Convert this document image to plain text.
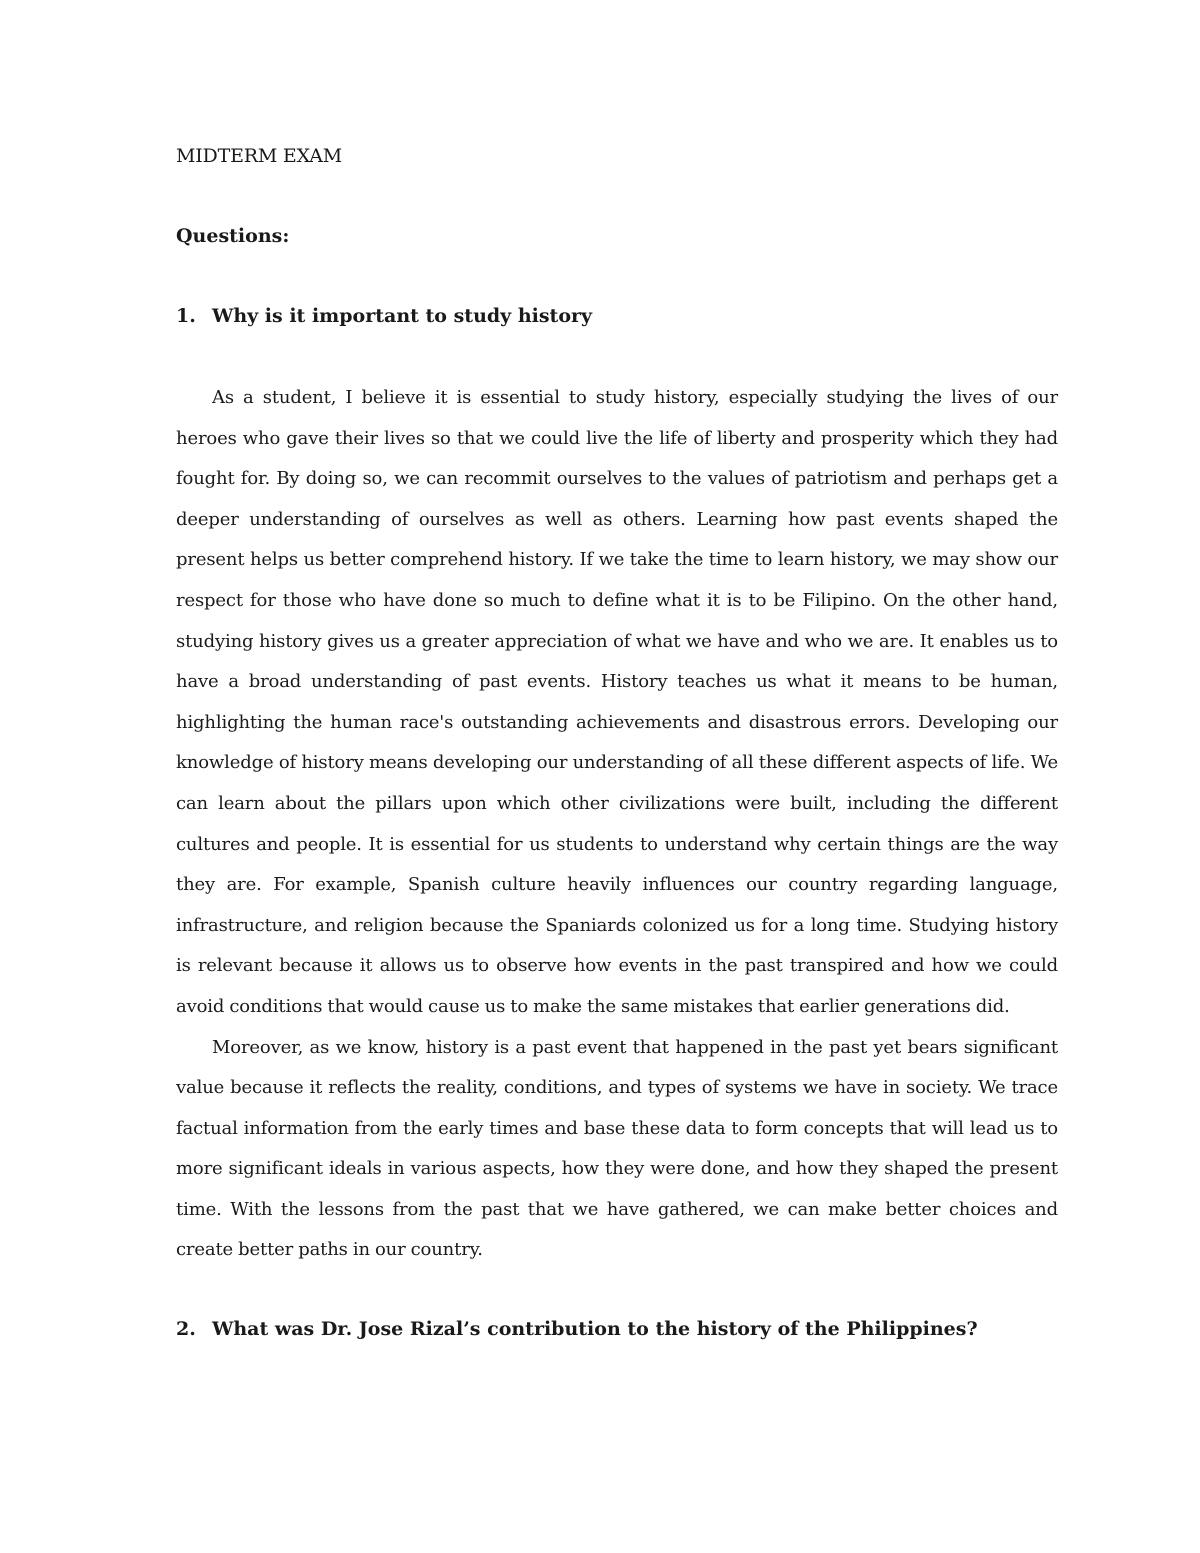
MIDTERM EXAM
Questions:
1. Why is it important to study history

As a student, I believe it is essential to study history, especially studying the lives of our heroes who gave their lives so that we could live the life of liberty and prosperity which they had fought for. By doing so, we can recommit ourselves to the values of patriotism and perhaps get a deeper understanding of ourselves as well as others. Learning how past events shaped the present helps us better comprehend history. If we take the time to learn history, we may show our respect for those who have done so much to define what it is to be Filipino. On the other hand, studying history gives us a greater appreciation of what we have and who we are. It enables us to have a broad understanding of past events. History teaches us what it means to be human, highlighting the human race's outstanding achievements and disastrous errors. Developing our knowledge of history means developing our understanding of all these different aspects of life. We can learn about the pillars upon which other civilizations were built, including the different cultures and people. It is essential for us students to understand why certain things are the way they are. For example, Spanish culture heavily influences our country regarding language, infrastructure, and religion because the Spaniards colonized us for a long time. Studying history is relevant because it allows us to observe how events in the past transpired and how we could avoid conditions that would cause us to make the same mistakes that earlier generations did.

Moreover, as we know, history is a past event that happened in the past yet bears significant value because it reflects the reality, conditions, and types of systems we have in society. We trace factual information from the early times and base these data to form concepts that will lead us to more significant ideals in various aspects, how they were done, and how they shaped the present time. With the lessons from the past that we have gathered, we can make better choices and create better paths in our country.

2. What was Dr. Jose Rizal’s contribution to the history of the Philippines?
